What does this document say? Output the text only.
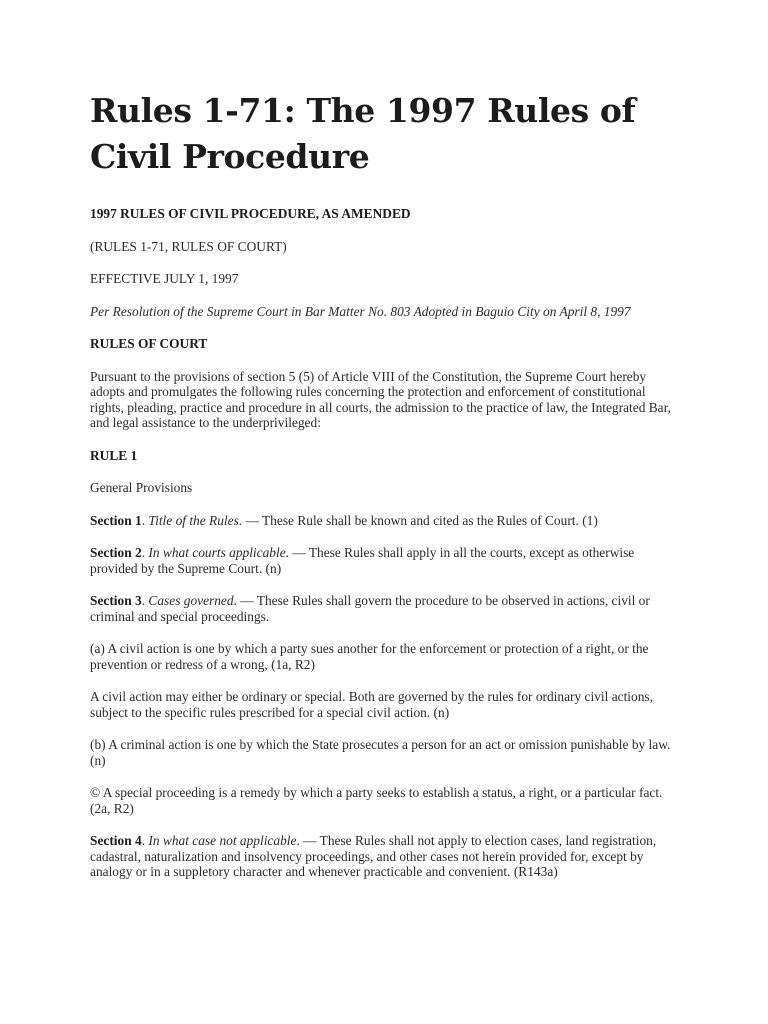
Rules 1-71: The 1997 Rules of Civil Procedure

1997 RULES OF CIVIL PROCEDURE, AS AMENDED

(RULES 1-71, RULES OF COURT)

EFFECTIVE JULY 1, 1997

Per Resolution of the Supreme Court in Bar Matter No. 803 Adopted in Baguio City on April 8, 1997

RULES OF COURT

Pursuant to the provisions of section 5 (5) of Article VIII of the Constitution, the Supreme Court hereby adopts and promulgates the following rules concerning the protection and enforcement of constitutional rights, pleading, practice and procedure in all courts, the admission to the practice of law, the Integrated Bar, and legal assistance to the underprivileged:

RULE 1

General Provisions

Section 1. Title of the Rules. — These Rule shall be known and cited as the Rules of Court. (1)

Section 2. In what courts applicable. — These Rules shall apply in all the courts, except as otherwise provided by the Supreme Court. (n)

Section 3. Cases governed. — These Rules shall govern the procedure to be observed in actions, civil or criminal and special proceedings.

(a) A civil action is one by which a party sues another for the enforcement or protection of a right, or the prevention or redress of a wrong, (1a, R2)

A civil action may either be ordinary or special. Both are governed by the rules for ordinary civil actions, subject to the specific rules prescribed for a special civil action. (n)

(b) A criminal action is one by which the State prosecutes a person for an act or omission punishable by law. (n)

© A special proceeding is a remedy by which a party seeks to establish a status, a right, or a particular fact. (2a, R2)

Section 4. In what case not applicable. — These Rules shall not apply to election cases, land registration, cadastral, naturalization and insolvency proceedings, and other cases not herein provided for, except by analogy or in a suppletory character and whenever practicable and convenient. (R143a)
